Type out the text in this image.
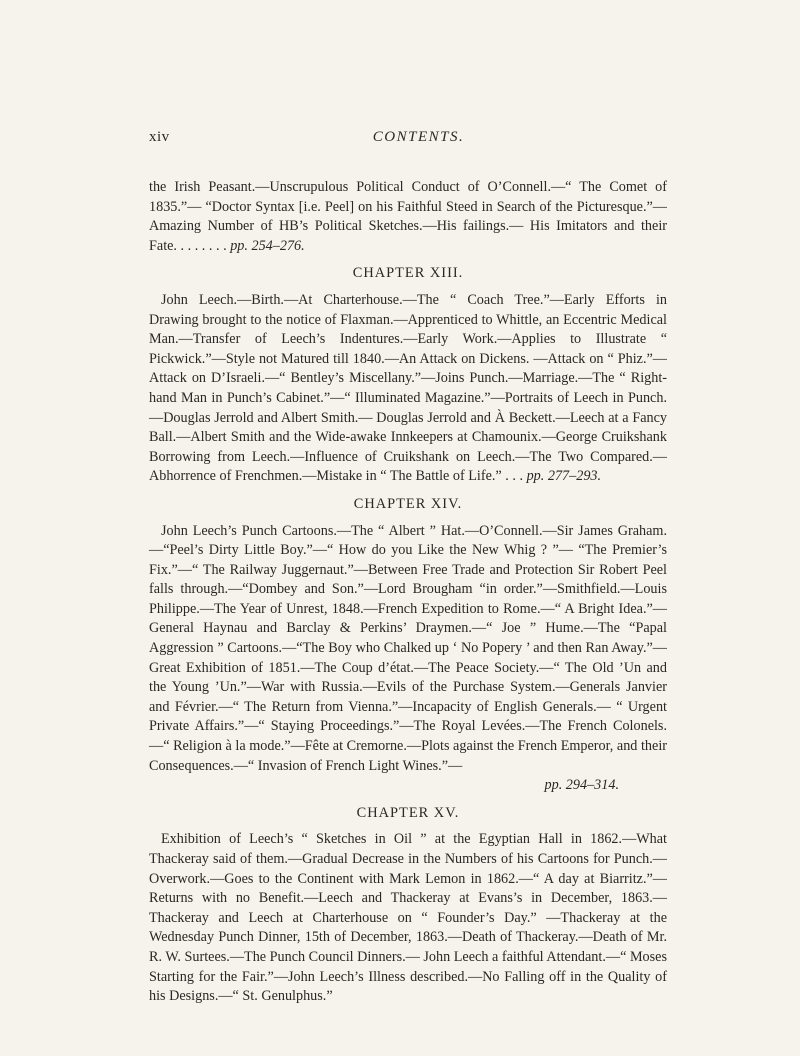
xiv	CONTENTS.

the Irish Peasant.—Unscrupulous Political Conduct of O’Connell.—“ The Comet of 1835.”— “Doctor Syntax [i.e. Peel] on his Faithful Steed in Search of the Picturesque.”—Amazing Number of HB’s Political Sketches.—His failings.— His Imitators and their Fate. . . . . . . . pp. 254–276.

CHAPTER XIII.

John Leech.—Birth.—At Charterhouse.—The “ Coach Tree.”—Early Efforts in Drawing brought to the notice of Flaxman.—Apprenticed to Whittle, an Eccentric Medical Man.—Transfer of Leech’s Indentures.—Early Work.—Applies to Illustrate “ Pickwick.”—Style not Matured till 1840.—An Attack on Dickens. —Attack on “ Phiz.”—Attack on D’Israeli.—“ Bentley’s Miscellany.”—Joins Punch.—Marriage.—The “ Right-hand Man in Punch’s Cabinet.”—“ Illuminated Magazine.”—Portraits of Leech in Punch.—Douglas Jerrold and Albert Smith.— Douglas Jerrold and À Beckett.—Leech at a Fancy Ball.—Albert Smith and the Wide-awake Innkeepers at Chamounix.—George Cruikshank Borrowing from Leech.—Influence of Cruikshank on Leech.—The Two Compared.—Abhorrence of Frenchmen.—Mistake in “ The Battle of Life.” . . . pp. 277–293.

CHAPTER XIV.

John Leech’s Punch Cartoons.—The “ Albert ” Hat.—O’Connell.—Sir James Graham.—“Peel’s Dirty Little Boy.”—“ How do you Like the New Whig ? ”— “The Premier’s Fix.”—“ The Railway Juggernaut.”—Between Free Trade and Protection Sir Robert Peel falls through.—“Dombey and Son.”—Lord Brougham “in order.”—Smithfield.—Louis Philippe.—The Year of Unrest, 1848.—French Expedition to Rome.—“ A Bright Idea.”—General Haynau and Barclay & Perkins’ Draymen.—“ Joe ” Hume.—The “Papal Aggression ” Cartoons.—“The Boy who Chalked up ‘ No Popery ’ and then Ran Away.”—Great Exhibition of 1851.—The Coup d’état.—The Peace Society.—“ The Old ’Un and the Young ’Un.”—War with Russia.—Evils of the Purchase System.—Generals Janvier and Février.—“ The Return from Vienna.”—Incapacity of English Generals.— “ Urgent Private Affairs.”—“ Staying Proceedings.”—The Royal Levées.—The French Colonels.—“ Religion à la mode.”—Fête at Cremorne.—Plots against the French Emperor, and their Consequences.—“ Invasion of French Light Wines.”—
pp. 294–314.

CHAPTER XV.

Exhibition of Leech’s “ Sketches in Oil ” at the Egyptian Hall in 1862.—What Thackeray said of them.—Gradual Decrease in the Numbers of his Cartoons for Punch.—Overwork.—Goes to the Continent with Mark Lemon in 1862.—“ A day at Biarritz.”—Returns with no Benefit.—Leech and Thackeray at Evans’s in December, 1863.—Thackeray and Leech at Charterhouse on “ Founder’s Day.” —Thackeray at the Wednesday Punch Dinner, 15th of December, 1863.—Death of Thackeray.—Death of Mr. R. W. Surtees.—The Punch Council Dinners.— John Leech a faithful Attendant.—“ Moses Starting for the Fair.”—John Leech’s Illness described.—No Falling off in the Quality of his Designs.—“ St. Genulphus.”
